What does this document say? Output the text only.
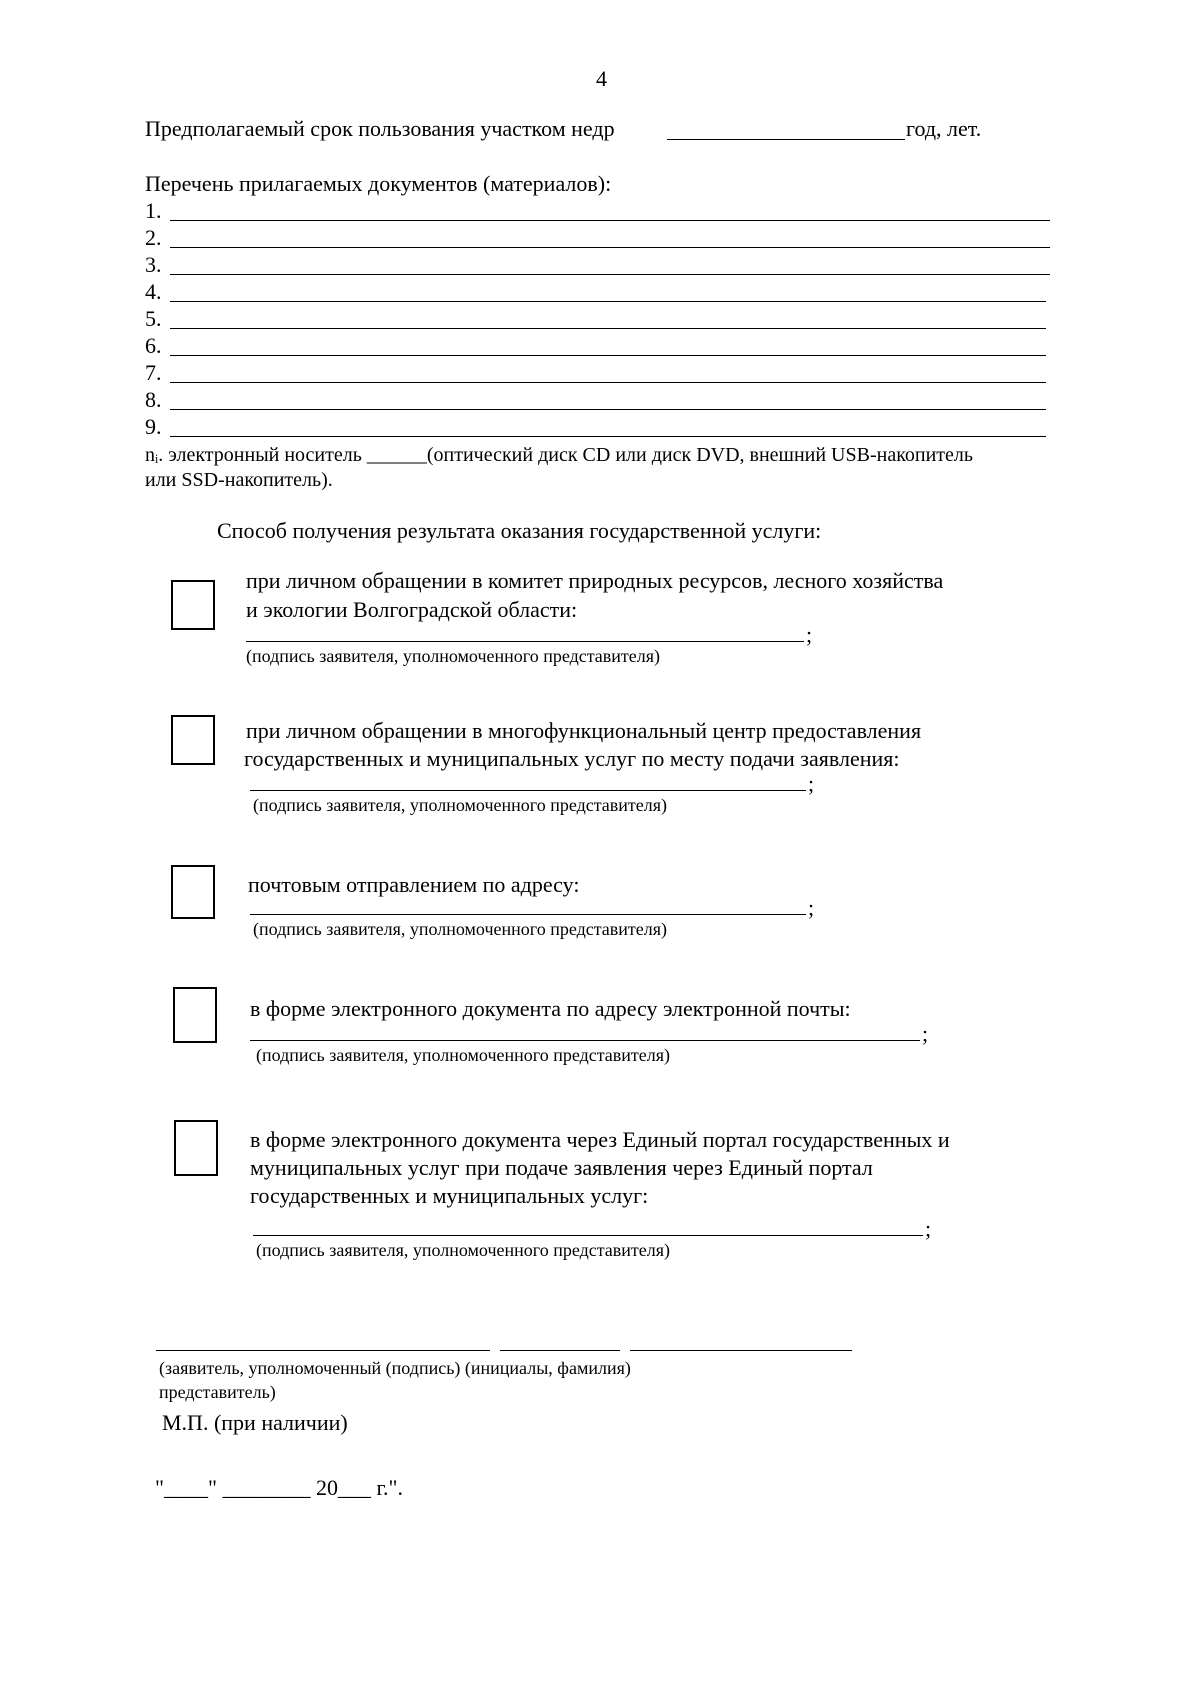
4
Предполагаемый срок пользования участком недр	год, лет.
Перечень прилагаемых документов (материалов):
1.
2.
3.
4.
5.
6.
7.
8.
9.
nᵢ. электронный носитель ______(оптический диск CD или диск DVD, внешний USB-накопитель
или SSD-накопитель).
Способ получения результата оказания государственной услуги:
при личном обращении в комитет природных ресурсов, лесного хозяйства
и экологии Волгоградской области:
;
(подпись заявителя, уполномоченного представителя)
при личном обращении в многофункциональный центр предоставления
государственных и муниципальных услуг по месту подачи заявления:
;
(подпись заявителя, уполномоченного представителя)
почтовым отправлением по адресу:
;
(подпись заявителя, уполномоченного представителя)
в форме электронного документа по адресу электронной почты:
;
(подпись заявителя, уполномоченного представителя)
в форме электронного документа через Единый портал государственных и
муниципальных услуг при подаче заявления через Единый портал
государственных и муниципальных услуг:
;
(подпись заявителя, уполномоченного представителя)
(заявитель, уполномоченный (подпись) (инициалы, фамилия)
представитель)
М.П. (при наличии)
"____" ________ 20___ г.".
